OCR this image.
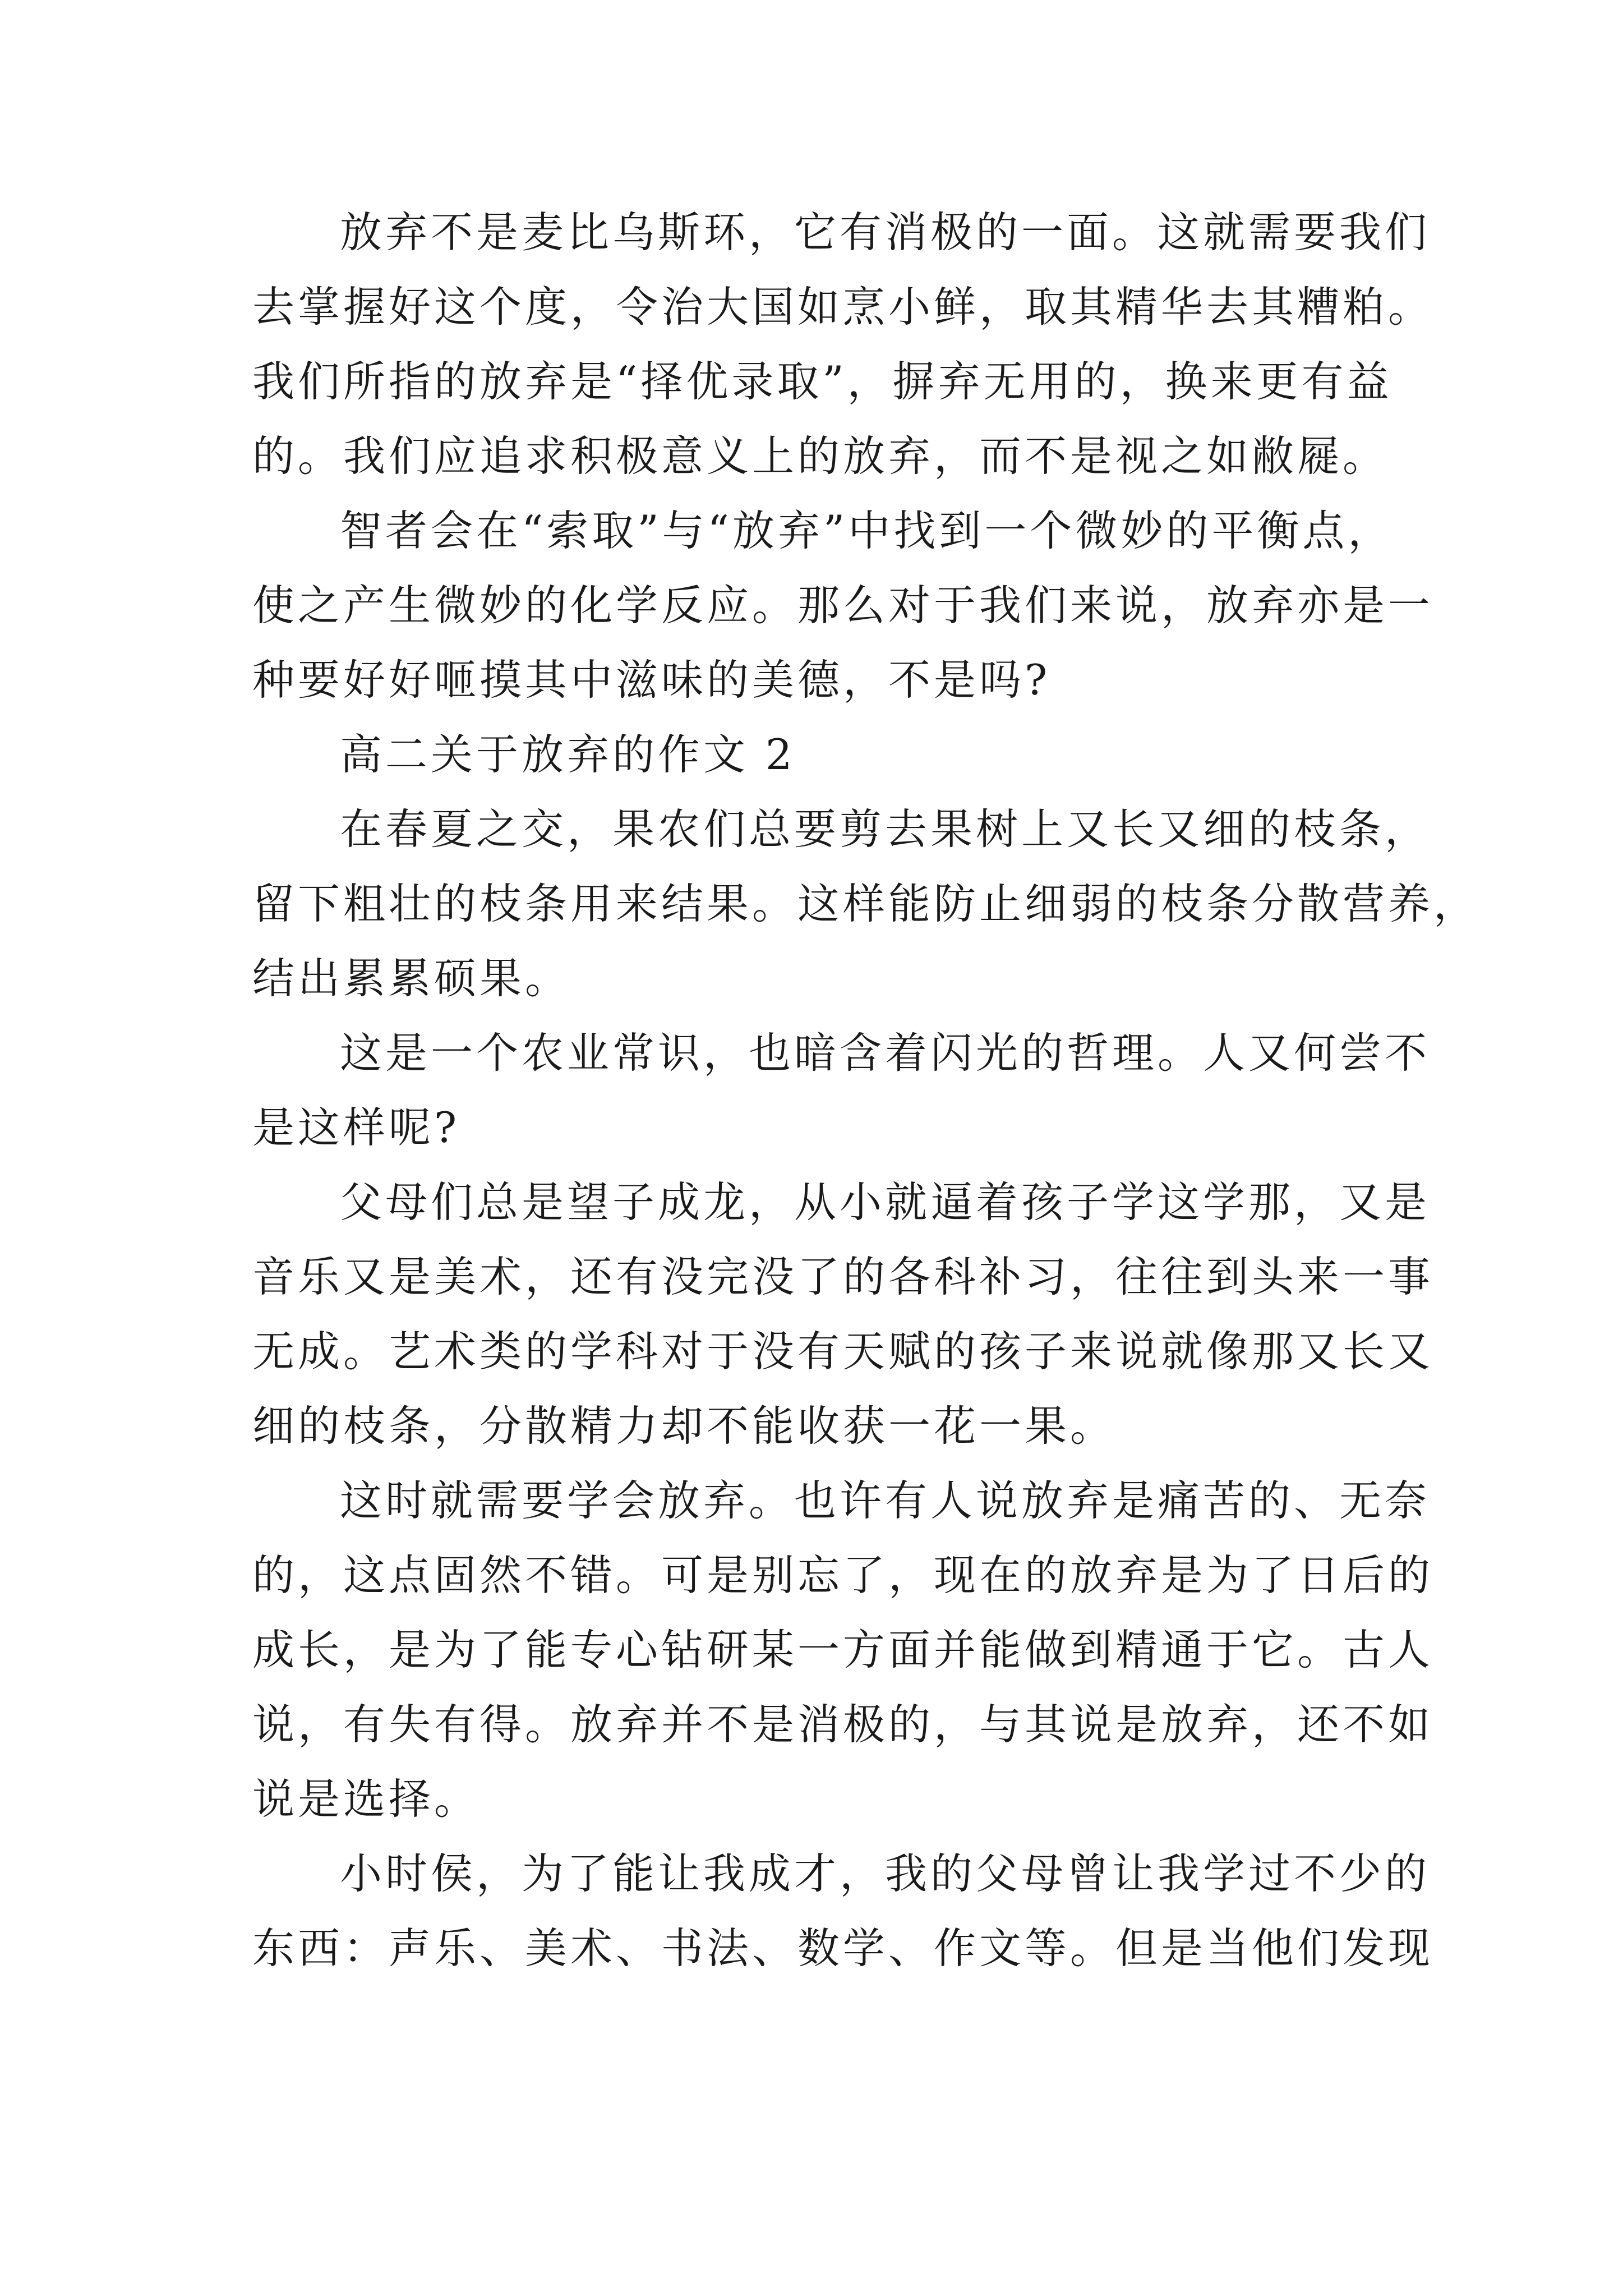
放弃不是麦比乌斯环，它有消极的一面。这就需要我们
去掌握好这个度，令治大国如烹小鲜，取其精华去其糟粕。
我们所指的放弃是“择优录取”，摒弃无用的，换来更有益
的。我们应追求积极意义上的放弃，而不是视之如敝屣。
智者会在“索取”与“放弃”中找到一个微妙的平衡点，
使之产生微妙的化学反应。那么对于我们来说，放弃亦是一
种要好好咂摸其中滋味的美德，不是吗?
高二关于放弃的作文 2
在春夏之交，果农们总要剪去果树上又长又细的枝条，
留下粗壮的枝条用来结果。这样能防止细弱的枝条分散营养，
结出累累硕果。
这是一个农业常识，也暗含着闪光的哲理。人又何尝不
是这样呢?
父母们总是望子成龙，从小就逼着孩子学这学那，又是
音乐又是美术，还有没完没了的各科补习，往往到头来一事
无成。艺术类的学科对于没有天赋的孩子来说就像那又长又
细的枝条，分散精力却不能收获一花一果。
这时就需要学会放弃。也许有人说放弃是痛苦的、无奈
的，这点固然不错。可是别忘了，现在的放弃是为了日后的
成长，是为了能专心钻研某一方面并能做到精通于它。古人
说，有失有得。放弃并不是消极的，与其说是放弃，还不如
说是选择。
小时侯，为了能让我成才，我的父母曾让我学过不少的
东西：声乐、美术、书法、数学、作文等。但是当他们发现
